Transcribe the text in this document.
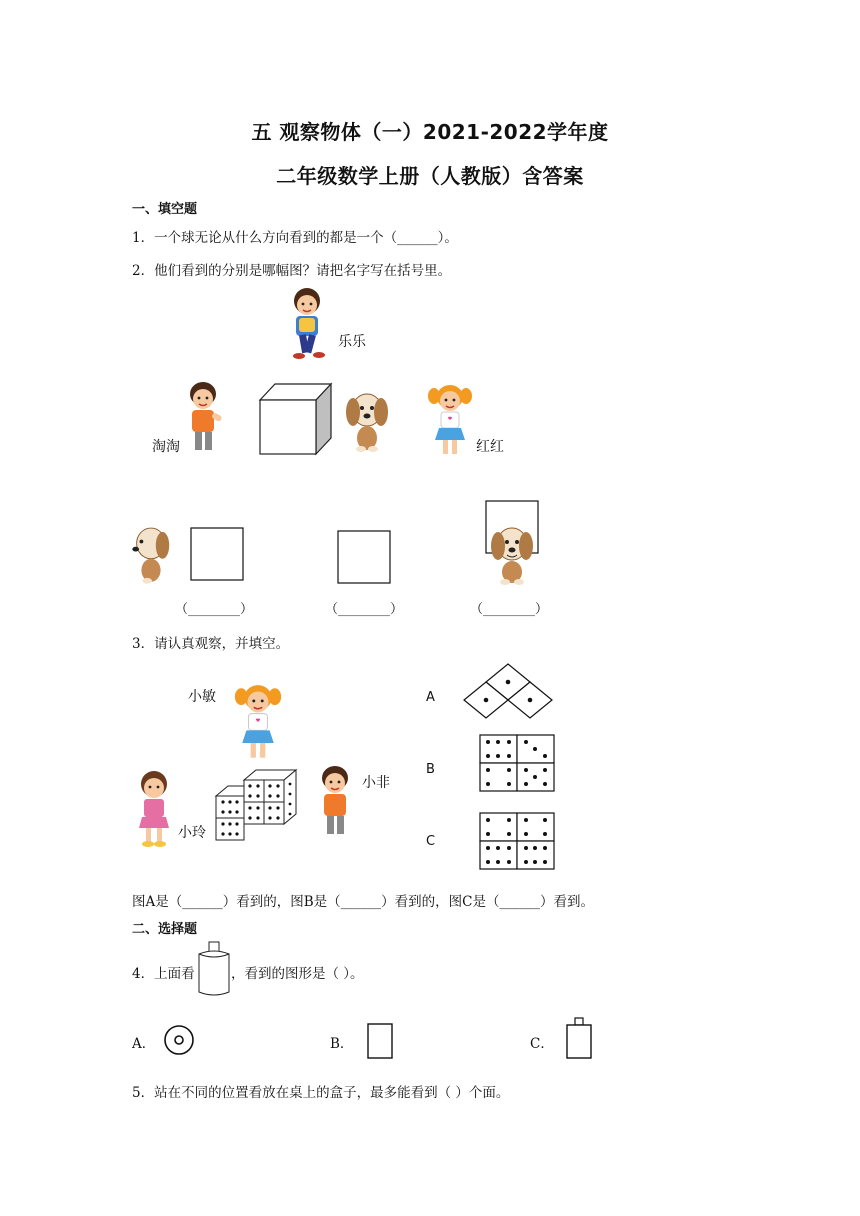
五 观察物体（一）2021-2022学年度
二年级数学上册（人教版）含答案
一、填空题
1．一个球无论从什么方向看到的都是一个（______）。
2．他们看到的分别是哪幅图？请把名字写在括号里。
乐乐
淘淘	红红
（________）	（________）	（________）
3．请认真观察，并填空。
小敏
小玲
小非
A
B
C
图A是（______）看到的，图B是（______）看到的，图C是（______）看到。
二、选择题
4．上面看	，看到的图形是（ ）。
A．	B．	C．
5．站在不同的位置看放在桌上的盒子，最多能看到（ ）个面。
